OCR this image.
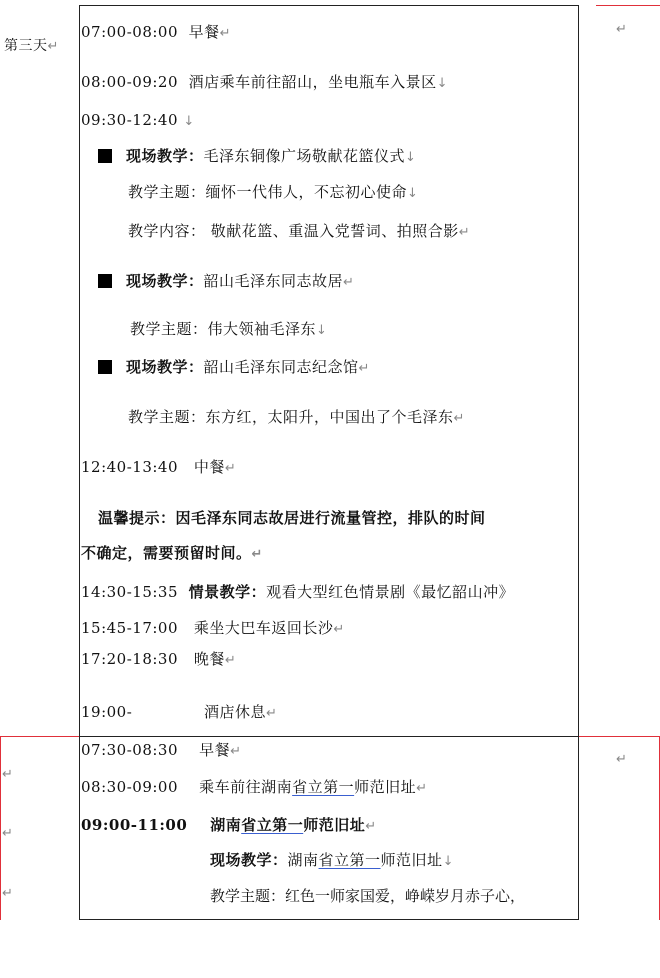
第三天↵
↵
↵
↵
↵
↵
07:00-08:00 早餐↵
08:00-09:20 酒店乘车前往韶山，坐电瓶车入景区↓
09:30-12:40 ↓
现场教学：毛泽东铜像广场敬献花篮仪式↓
教学主题：缅怀一代伟人，不忘初心使命↓
教学内容： 敬献花篮、重温入党誓词、拍照合影↵
现场教学：韶山毛泽东同志故居↵
教学主题：伟大领袖毛泽东↓
现场教学：韶山毛泽东同志纪念馆↵
教学主题：东方红，太阳升，中国出了个毛泽东↵
12:40-13:40 中餐↵
温馨提示：因毛泽东同志故居进行流量管控，排队的时间
不确定，需要预留时间。↵
14:30-15:35 情景教学：观看大型红色情景剧《最忆韶山冲》
15:45-17:00 乘坐大巴车返回长沙↵
17:20-18:30 晚餐↵
19:00-	酒店休息↵
07:30-08:30 早餐↵
08:30-09:00 乘车前往湖南省立第一师范旧址↵
09:00-11:00 湖南省立第一师范旧址↵
现场教学：湖南省立第一师范旧址↓
教学主题：红色一师家国爱，峥嵘岁月赤子心，
